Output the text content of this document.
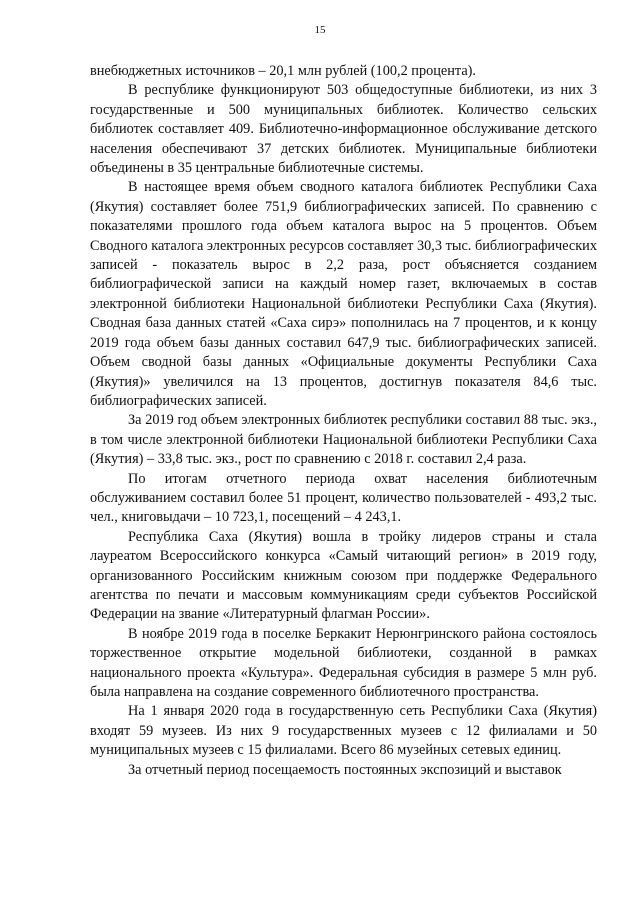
15

внебюджетных источников – 20,1 млн рублей (100,2 процента).

В республике функционируют 503 общедоступные библиотеки, из них 3 государственные и 500 муниципальных библиотек. Количество сельских библиотек составляет 409. Библиотечно-информационное обслуживание детского населения обеспечивают 37 детских библиотек. Муниципальные библиотеки объединены в 35 центральные библиотечные системы.

В настоящее время объем сводного каталога библиотек Республики Саха (Якутия) составляет более 751,9 библиографических записей. По сравнению с показателями прошлого года объем каталога вырос на 5 процентов. Объем Сводного каталога электронных ресурсов составляет 30,3 тыс. библиографических записей - показатель вырос в 2,2 раза, рост объясняется созданием библиографической записи на каждый номер газет, включаемых в состав электронной библиотеки Национальной библиотеки Республики Саха (Якутия). Сводная база данных статей «Саха сирэ» пополнилась на 7 процентов, и к концу 2019 года объем базы данных составил 647,9 тыс. библиографических записей. Объем сводной базы данных «Официальные документы Республики Саха (Якутия)» увеличился на 13 процентов, достигнув показателя 84,6 тыс. библиографических записей.

За 2019 год объем электронных библиотек республики составил 88 тыс. экз., в том числе электронной библиотеки Национальной библиотеки Республики Саха (Якутия) – 33,8 тыс. экз., рост по сравнению с 2018 г. составил 2,4 раза.

По итогам отчетного периода охват населения библиотечным обслуживанием составил более 51 процент, количество пользователей - 493,2 тыс. чел., книговыдачи – 10 723,1, посещений – 4 243,1.

Республика Саха (Якутия) вошла в тройку лидеров страны и стала лауреатом Всероссийского конкурса «Самый читающий регион» в 2019 году, организованного Российским книжным союзом при поддержке Федерального агентства по печати и массовым коммуникациям среди субъектов Российской Федерации на звание «Литературный флагман России».

В ноябре 2019 года в поселке Беркакит Нерюнгринского района состоялось торжественное открытие модельной библиотеки, созданной в рамках национального проекта «Культура». Федеральная субсидия в размере 5 млн руб. была направлена на создание современного библиотечного пространства.

На 1 января 2020 года в государственную сеть Республики Саха (Якутия) входят 59 музеев. Из них 9 государственных музеев с 12 филиалами и 50 муниципальных музеев с 15 филиалами. Всего 86 музейных сетевых единиц.

За отчетный период посещаемость постоянных экспозиций и выставок
